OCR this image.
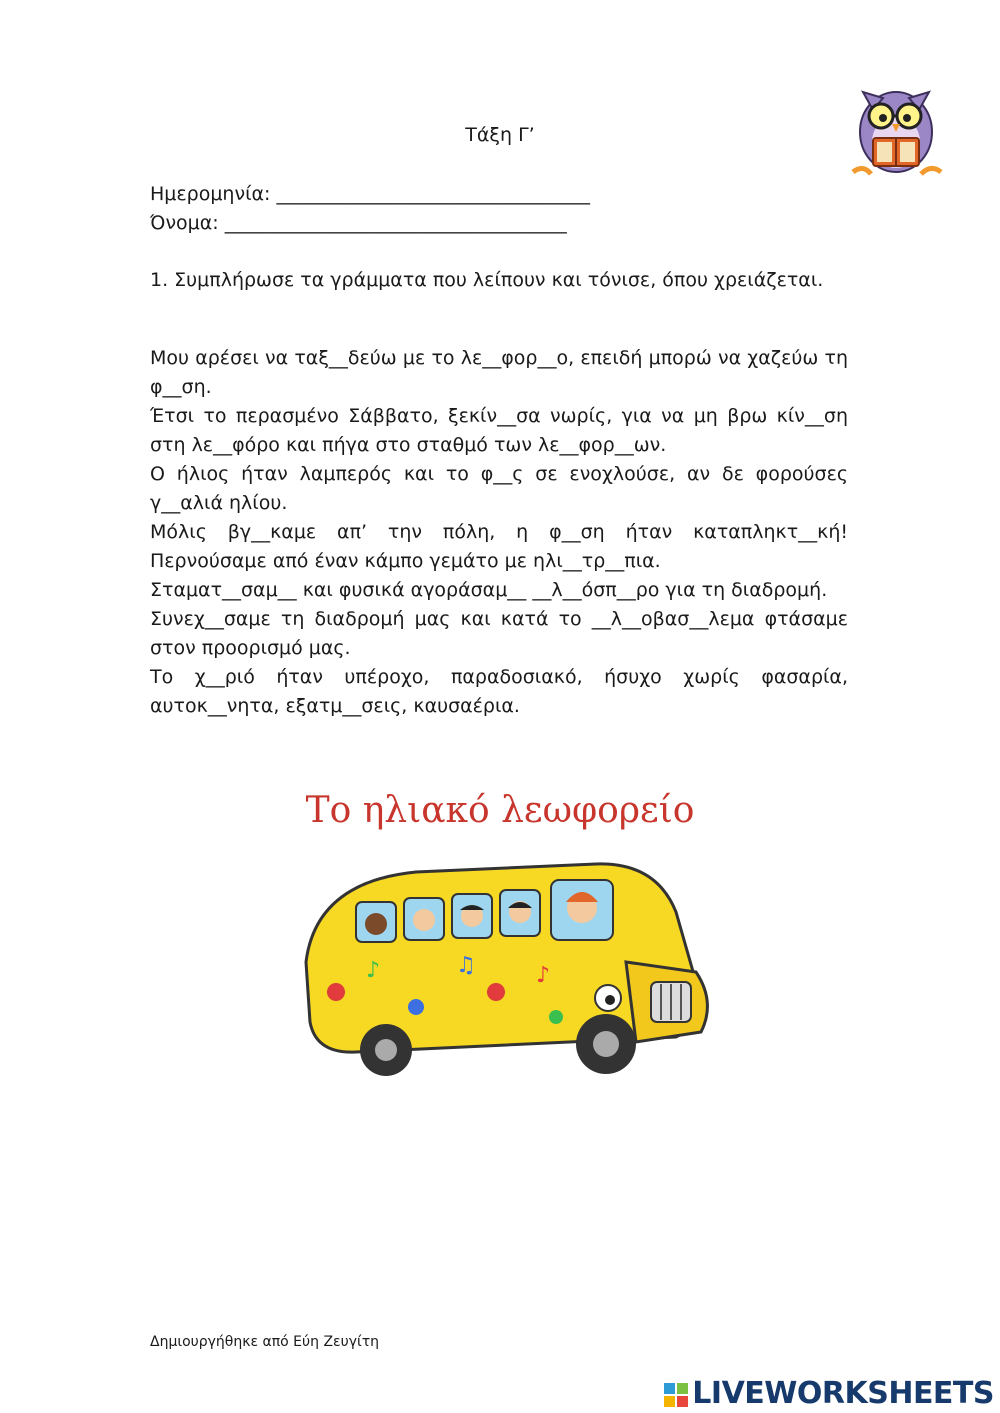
Τάξη Γ’
Ημερομηνία: _________________________________
Όνομα: ____________________________________
1. Συμπλήρωσε τα γράμματα που λείπουν και τόνισε, όπου χρειάζεται.

Μου αρέσει να ταξ__δεύω με το λε__φορ__ο, επειδή μπορώ να χαζεύω τη φ__ση.

Έτσι το περασμένο Σάββατο, ξεκίν__σα νωρίς, για να μη βρω κίν__ση στη λε__φόρο και πήγα στο σταθμό των λε__φορ__ων.

Ο ήλιος ήταν λαμπερός και το φ__ς σε ενοχλούσε, αν δε φορούσες γ__αλιά ηλίου.

Μόλις βγ__καμε απ’ την πόλη, η φ__ση ήταν καταπληκτ__κή! Περνούσαμε από έναν κάμπο γεμάτο με ηλι__τρ__πια.

Σταματ__σαμ__ και φυσικά αγοράσαμ__ __λ__όσπ__ρο για τη διαδρομή.

Συνεχ__σαμε τη διαδρομή μας και κατά το __λ__οβασ__λεμα φτάσαμε στον προορισμό μας.

Το χ__ριό ήταν υπέροχο, παραδοσιακό, ήσυχο χωρίς φασαρία, αυτοκ__νητα, εξατμ__σεις, καυσαέρια.

Το ηλιακό λεωφορείο
♪	♫	♪
Δημιουργήθηκε από Εύη Ζευγίτη
LIVEWORKSHEETS
